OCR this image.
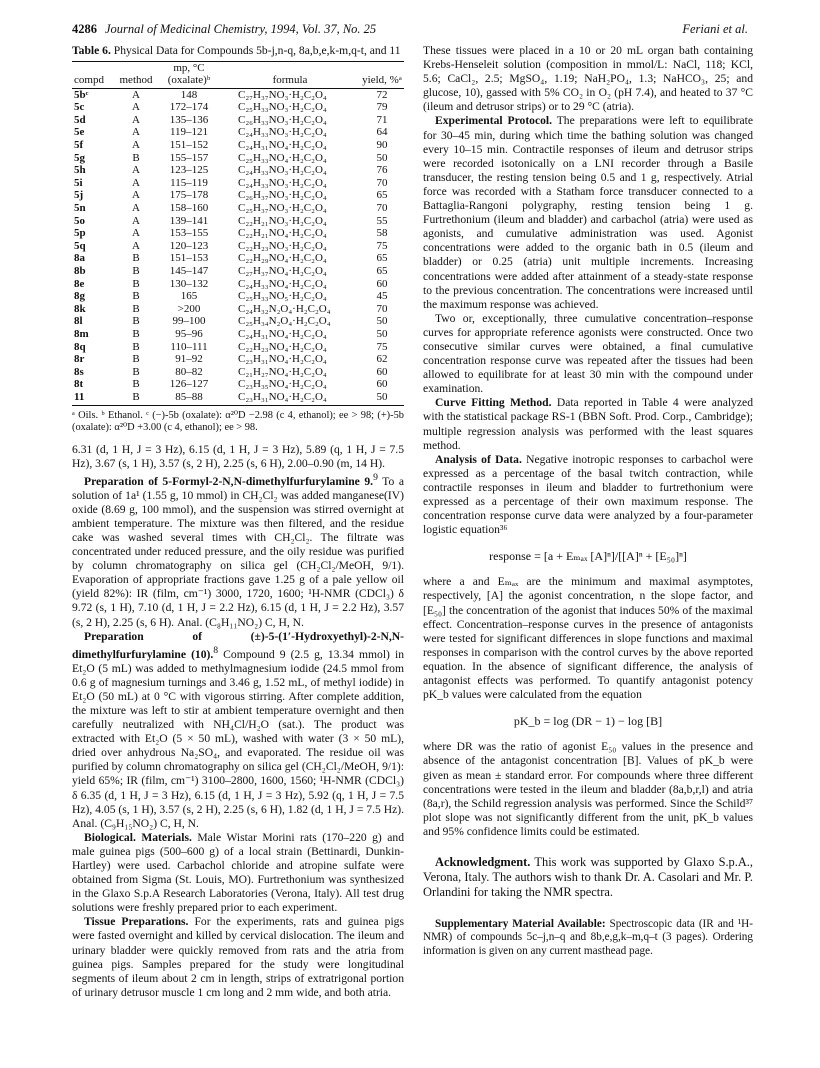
4286 Journal of Medicinal Chemistry, 1994, Vol. 37, No. 25	Feriani et al.
Table 6. Physical Data for Compounds 5b-j,n-q, 8a,b,e,k-m,q-t, and 11
		mp, °C		
compd	method	(oxalate)ᵇ	formula	yield, %ᵃ
5bᶜ	A	148	C₂₇H₃₇NO₃·H₂C₂O₄	72
5c	A	172–174	C₂₅H₃₃NO₃·H₂C₂O₄	79
5d	A	135–136	C₂₆H₃₃NO₃·H₂C₂O₄	71
5e	A	119–121	C₂₄H₃₃NO₃·H₂C₂O₄	64
5f	A	151–152	C₂₄H₃₁NO₄·H₂C₂O₄	90
5g	B	155–157	C₂₅H₃₃NO₄·H₂C₂O₄	50
5h	A	123–125	C₂₄H₃₃NO₃·H₂C₂O₄	76
5i	A	115–119	C₂₄H₃₃NO₃·H₂C₂O₄	70
5j	A	175–178	C₂₆H₃₇NO₃·H₂C₂O₄	65
5n	A	158–160	C₂₅H₃₇NO₃·H₂C₂O₄	70
5o	A	139–141	C₂₂H₂₁NO₃·H₂C₂O₄	55
5p	A	153–155	C₂₂H₂₁NO₄·H₂C₂O₄	58
5q	A	120–123	C₂₂H₂₃NO₃·H₂C₂O₄	75
8a	B	151–153	C₂₂H₂₉NO₄·H₂C₂O₄	65
8b	B	145–147	C₂₇H₃₇NO₄·H₂C₂O₄	65
8e	B	130–132	C₂₄H₃₃NO₄·H₂C₂O₄	60
8g	B	165	C₂₅H₃₃NO₅·H₂C₂O₄	45
8k	B	>200	C₂₄H₃₂N₂O₄·H₂C₂O₄	70
8l	B	99–100	C₂₅H₃₄N₂O₄·H₂C₂O₄	50
8m	B	95–96	C₂₄H₃₁NO₄·H₂C₂O₄	50
8q	B	110–111	C₂₂H₂₃NO₄·H₂C₂O₄	75
8r	B	91–92	C₂₃H₃₁NO₄·H₂C₂O₄	62
8s	B	80–82	C₂₁H₂₇NO₄·H₂C₂O₄	60
8t	B	126–127	C₂₃H₃₅NO₄·H₂C₂O₄	60
11	B	85–88	C₂₃H₃₁NO₄·H₂C₂O₄	50
ᵃ Oils. ᵇ Ethanol. ᶜ (−)-5b (oxalate): α²⁰D −2.98 (c 4, ethanol); ee > 98; (+)-5b (oxalate): α²⁰D +3.00 (c 4, ethanol); ee > 98.

6.31 (d, 1 H, J = 3 Hz), 6.15 (d, 1 H, J = 3 Hz), 5.89 (q, 1 H, J = 7.5 Hz), 3.67 (s, 1 H), 3.57 (s, 2 H), 2.25 (s, 6 H), 2.00–0.90 (m, 14 H).

Preparation of 5-Formyl-2-N,N-dimethylfurfurylamine 9.$^9$ To a solution of 1a¹ (1.55 g, 10 mmol) in CH₂Cl₂ was added manganese(IV) oxide (8.69 g, 100 mmol), and the suspension was stirred overnight at ambient temperature. The mixture was then filtered, and the residue cake was washed several times with CH₂Cl₂. The filtrate was concentrated under reduced pressure, and the oily residue was purified by column chromatography on silica gel (CH₂Cl₂/MeOH, 9/1). Evaporation of appropriate fractions gave 1.25 g of a pale yellow oil (yield 82%): IR (film, cm⁻¹) 3000, 1720, 1600; ¹H-NMR (CDCl₃) δ 9.72 (s, 1 H), 7.10 (d, 1 H, J = 2.2 Hz), 6.15 (d, 1 H, J = 2.2 Hz), 3.57 (s, 2 H), 2.25 (s, 6 H). Anal. (C₈H₁₁NO₂) C, H, N.

Preparation of (±)-5-(1′-Hydroxyethyl)-2-N,N-dimethylfurfurylamine (10).$^8$ Compound 9 (2.5 g, 13.34 mmol) in Et₂O (5 mL) was added to methylmagnesium iodide (24.5 mmol from 0.6 g of magnesium turnings and 3.46 g, 1.52 mL, of methyl iodide) in Et₂O (50 mL) at 0 °C with vigorous stirring. After complete addition, the mixture was left to stir at ambient temperature overnight and then carefully neutralized with NH₄Cl/H₂O (sat.). The product was extracted with Et₂O (5 × 50 mL), washed with water (3 × 50 mL), dried over anhydrous Na₂SO₄, and evaporated. The residue oil was purified by column chromatography on silica gel (CH₂Cl₂/MeOH, 9/1): yield 65%; IR (film, cm⁻¹) 3100–2800, 1600, 1560; ¹H-NMR (CDCl₃) δ 6.35 (d, 1 H, J = 3 Hz), 6.15 (d, 1 H, J = 3 Hz), 5.92 (q, 1 H, J = 7.5 Hz), 4.05 (s, 1 H), 3.57 (s, 2 H), 2.25 (s, 6 H), 1.82 (d, 1 H, J = 7.5 Hz). Anal. (C₉H₁₅NO₂) C, H, N.

Biological. Materials. Male Wistar Morini rats (170–220 g) and male guinea pigs (500–600 g) of a local strain (Bettinardi, Dunkin-Hartley) were used. Carbachol chloride and atropine sulfate were obtained from Sigma (St. Louis, MO). Furtrethonium was synthesized in the Glaxo S.p.A Research Laboratories (Verona, Italy). All test drug solutions were freshly prepared prior to each experiment.

Tissue Preparations. For the experiments, rats and guinea pigs were fasted overnight and killed by cervical dislocation. The ileum and urinary bladder were quickly removed from rats and the atria from guinea pigs. Samples prepared for the study were longitudinal segments of ileum about 2 cm in length, strips of extratrigonal portion of urinary detrusor muscle 1 cm long and 2 mm wide, and both atria.

These tissues were placed in a 10 or 20 mL organ bath containing Krebs-Henseleit solution (composition in mmol/L: NaCl, 118; KCl, 5.6; CaCl₂, 2.5; MgSO₄, 1.19; NaH₂PO₄, 1.3; NaHCO₃, 25; and glucose, 10), gassed with 5% CO₂ in O₂ (pH 7.4), and heated to 37 °C (ileum and detrusor strips) or to 29 °C (atria).

Experimental Protocol. The preparations were left to equilibrate for 30–45 min, during which time the bathing solution was changed every 10–15 min. Contractile responses of ileum and detrusor strips were recorded isotonically on a LNI recorder through a Basile transducer, the resting tension being 0.5 and 1 g, respectively. Atrial force was recorded with a Statham force transducer connected to a Battaglia-Rangoni polygraphy, resting tension being 1 g. Furtrethonium (ileum and bladder) and carbachol (atria) were used as agonists, and cumulative administration was used. Agonist concentrations were added to the organic bath in 0.5 (ileum and bladder) or 0.25 (atria) unit multiple increments. Increasing concentrations were added after attainment of a steady-state response to the previous concentration. The concentrations were increased until the maximum response was achieved.

Two or, exceptionally, three cumulative concentration–response curves for appropriate reference agonists were constructed. Once two consecutive similar curves were obtained, a final cumulative concentration response curve was repeated after the tissues had been allowed to equilibrate for at least 30 min with the compound under examination.

Curve Fitting Method. Data reported in Table 4 were analyzed with the statistical package RS-1 (BBN Soft. Prod. Corp., Cambridge); multiple regression analysis was performed with the least squares method.

Analysis of Data. Negative inotropic responses to carbachol were expressed as a percentage of the basal twitch contraction, while contractile responses in ileum and bladder to furtrethonium were expressed as a percentage of their own maximum response. The concentration response curve data were analyzed by a four-parameter logistic equation³⁶

response = [a + Eₘₐₓ [A]ⁿ]/[[A]ⁿ + [E₅₀]ⁿ]

where a and Eₘₐₓ are the minimum and maximal asymptotes, respectively, [A] the agonist concentration, n the slope factor, and [E₅₀] the concentration of the agonist that induces 50% of the maximal effect. Concentration–response curves in the presence of antagonists were tested for significant differences in slope functions and maximal responses in comparison with the control curves by the above reported equation. In the absence of significant difference, the analysis of antagonist effects was performed. To quantify antagonist potency pK_b values were calculated from the equation

pK_b = log (DR − 1) − log [B]

where DR was the ratio of agonist E₅₀ values in the presence and absence of the antagonist concentration [B]. Values of pK_b were given as mean ± standard error. For compounds where three different concentrations were tested in the ileum and bladder (8a,b,r,l) and atria (8a,r), the Schild regression analysis was performed. Since the Schild³⁷ plot slope was not significantly different from the unit, pK_b values and 95% confidence limits could be estimated.

Acknowledgment. This work was supported by Glaxo S.p.A., Verona, Italy. The authors wish to thank Dr. A. Casolari and Mr. P. Orlandini for taking the NMR spectra.
Supplementary Material Available: Spectroscopic data (IR and ¹H-NMR) of compounds 5c–j,n–q and 8b,e,g,k–m,q–t (3 pages). Ordering information is given on any current masthead page.
